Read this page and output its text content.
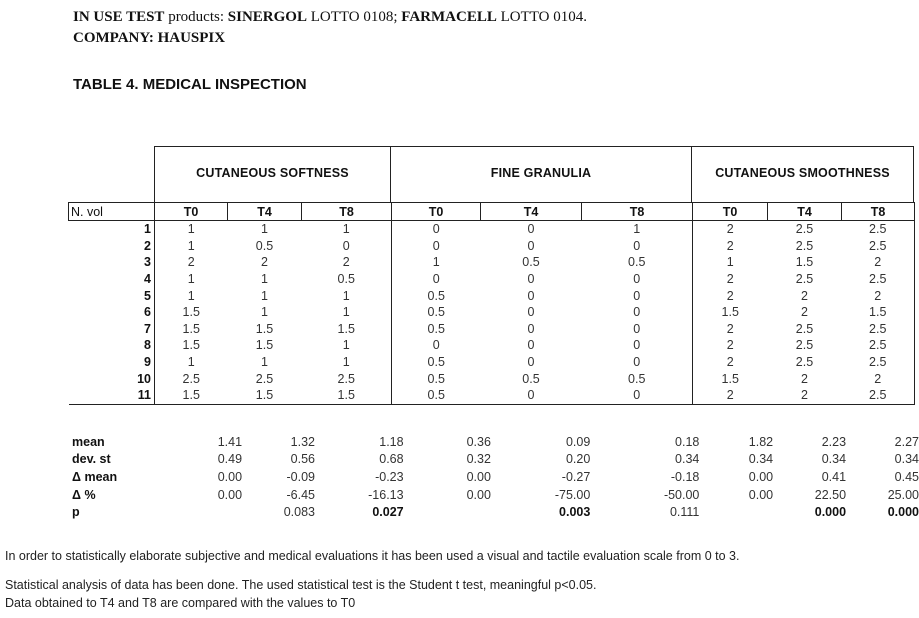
IN USE TEST products: SINERGOL LOTTO 0108; FARMACELL LOTTO 0104.
COMPANY: HAUSPIX
TABLE 4. MEDICAL INSPECTION
CUTANEOUS SOFTNESS	FINE GRANULIA	CUTANEOUS SMOOTHNESS
N. vol	T0	T4	T8	T0	T4	T8	T0	T4	T8
1	1	1	1	0	0	1	2	2.5	2.5
2	1	0.5	0	0	0	0	2	2.5	2.5
3	2	2	2	1	0.5	0.5	1	1.5	2
4	1	1	0.5	0	0	0	2	2.5	2.5
5	1	1	1	0.5	0	0	2	2	2
6	1.5	1	1	0.5	0	0	1.5	2	1.5
7	1.5	1.5	1.5	0.5	0	0	2	2.5	2.5
8	1.5	1.5	1	0	0	0	2	2.5	2.5
9	1	1	1	0.5	0	0	2	2.5	2.5
10	2.5	2.5	2.5	0.5	0.5	0.5	1.5	2	2
11	1.5	1.5	1.5	0.5	0	0	2	2	2.5
mean	1.41	1.32	1.18	0.36	0.09	0.18	1.82	2.23	2.27
dev. st	0.49	0.56	0.68	0.32	0.20	0.34	0.34	0.34	0.34
Δ mean	0.00	-0.09	-0.23	0.00	-0.27	-0.18	0.00	0.41	0.45
Δ %	0.00	-6.45	-16.13	0.00	-75.00	-50.00	0.00	22.50	25.00
p		0.083	0.027		0.003	0.111		0.000	0.000
In order to statistically elaborate subjective and medical evaluations it has been used a visual and tactile evaluation scale from 0 to 3.
Statistical analysis of data has been done. The used statistical test is the Student t test, meaningful p<0.05.
Data obtained to T4 and T8 are compared with the values to T0
